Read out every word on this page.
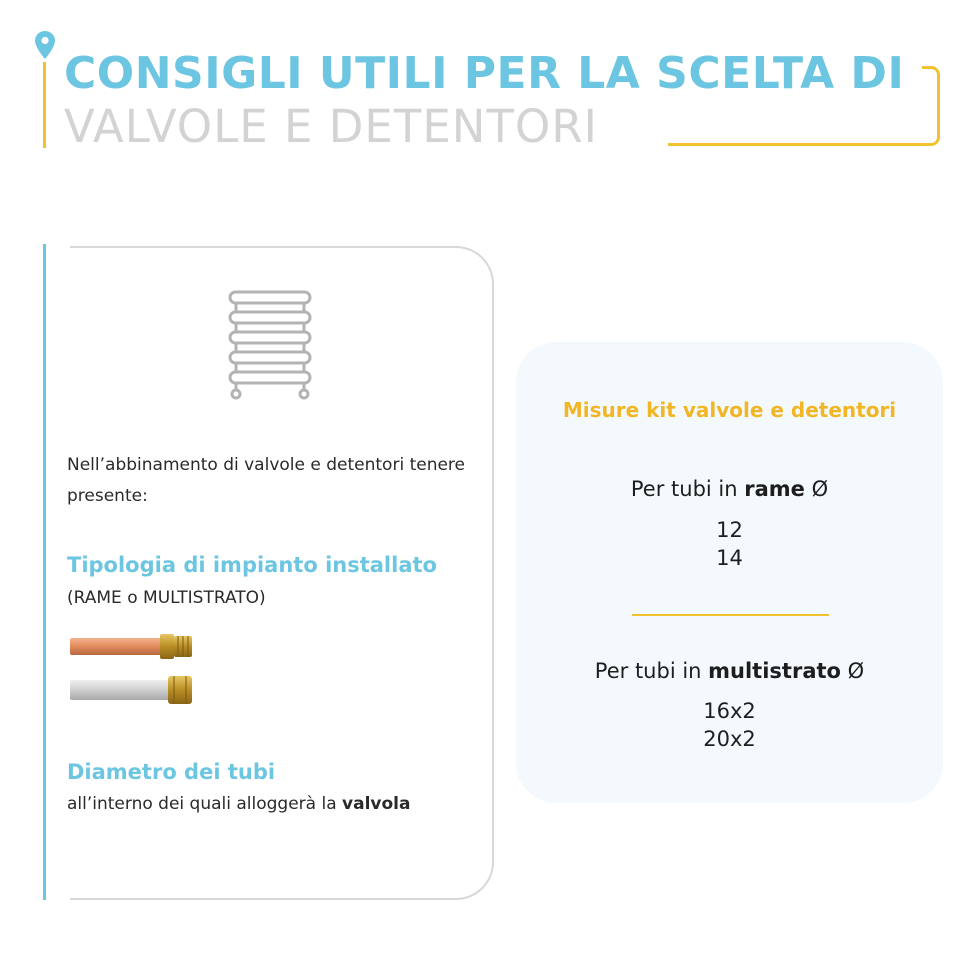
CONSIGLI UTILI PER LA SCELTA DI
VALVOLE E DETENTORI
Nell’abbinamento di valvole e detentori tenere presente:
Tipologia di impianto installato
(RAME o MULTISTRATO)
Diametro dei tubi
all’interno dei quali alloggerà la valvola
Misure kit valvole e detentori
Per tubi in rame Ø
12
14
Per tubi in multistrato Ø
16x2
20x2
